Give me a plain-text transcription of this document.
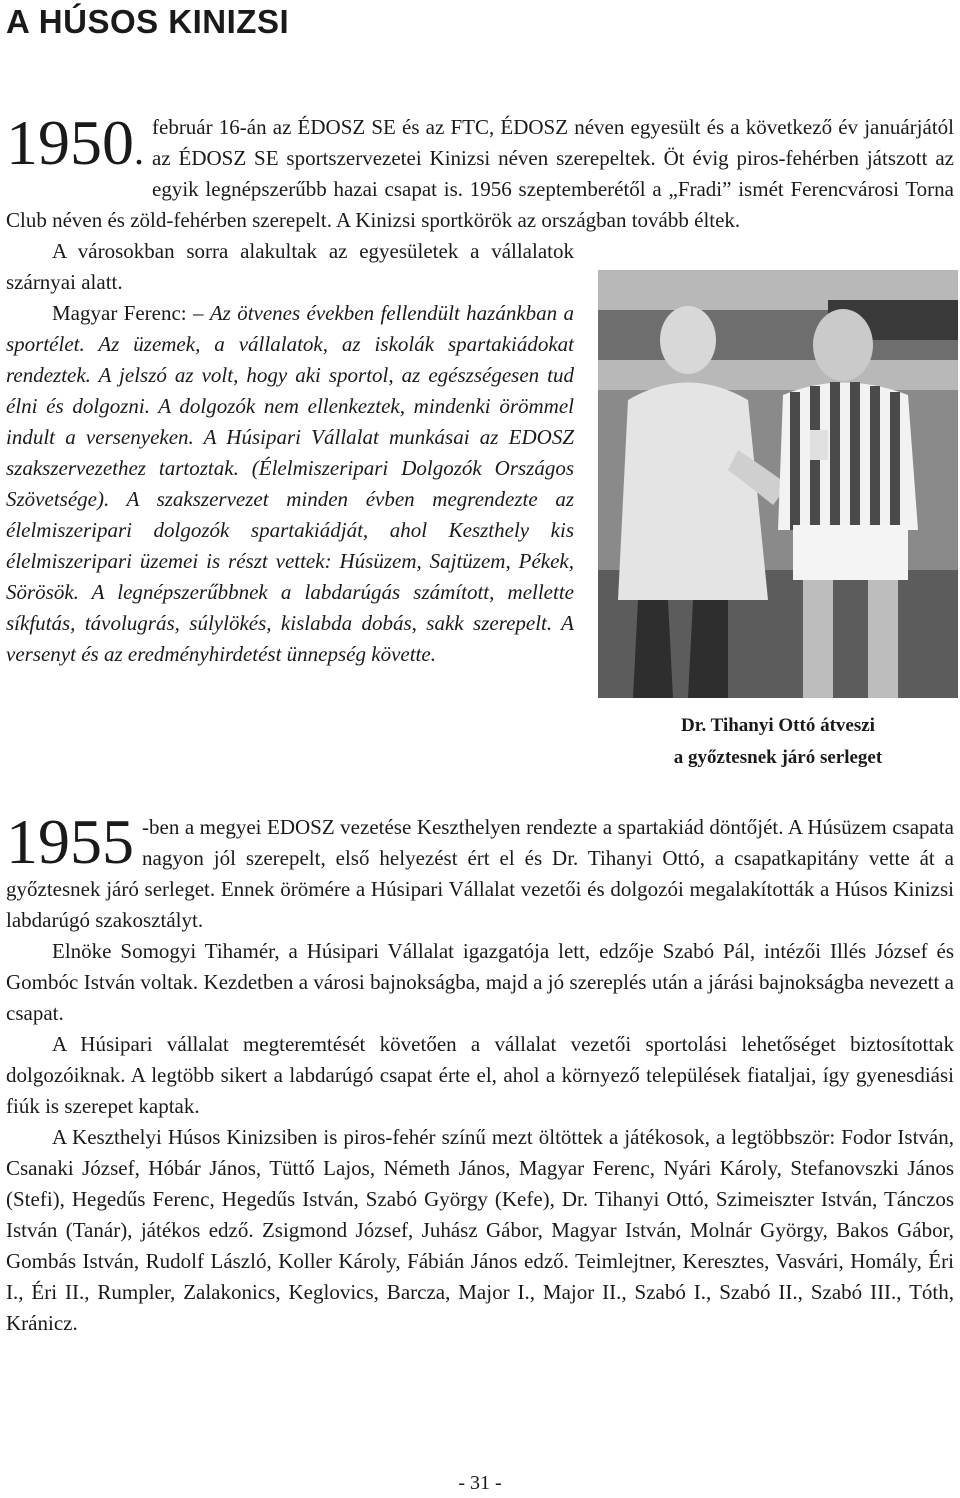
A HÚSOS KINIZSI
1950.

február 16-án az ÉDOSZ SE és az FTC, ÉDOSZ néven egyesült és a következő év januárjától az ÉDOSZ SE sportszervezetei Kinizsi néven szerepeltek. Öt évig piros-fehérben játszott az egyik legnépszerűbb hazai csapat is. 1956 szeptemberétől a „Fradi” ismét Ferencvárosi Torna Club néven és zöld-fehérben szerepelt. A Kinizsi sportkörök az országban tovább éltek.

A városokban sorra alakultak az egyesületek a vállalatok szárnyai alatt.

Magyar Ferenc: – Az ötvenes években fellendült hazánkban a sportélet. Az üzemek, a vállalatok, az iskolák spartakiádokat rendeztek. A jelszó az volt, hogy aki sportol, az egészségesen tud élni és dolgozni. A dolgozók nem ellenkeztek, mindenki örömmel indult a versenyeken. A Húsipari Vállalat munkásai az EDOSZ szakszervezethez tartoztak. (Élelmiszeripari Dolgozók Országos Szövetsége). A szakszervezet minden évben megrendezte az élelmiszeripari dolgozók spartakiádját, ahol Keszthely kis élelmiszeripari üzemei is részt vettek: Húsüzem, Sajtüzem, Pékek, Sörösök. A legnépszerűbbnek a labdarúgás számított, mellette síkfutás, távolugrás, súlylökés, kislabda dobás, sakk szerepelt. A versenyt és az eredményhirdetést ünnepség követte.

Dr. Tihanyi Ottó átveszi
a győztesnek járó serleget
1955 -ben a megyei EDOSZ vezetése Keszthelyen rendezte a spartakiád döntőjét. A Húsüzem csapata nagyon jól szerepelt, első helyezést ért el és Dr. Tihanyi Ottó, a csapatkapitány vette át a győztesnek járó serleget. Ennek örömére a Húsipari Vállalat vezetői és dolgozói megalakították a Húsos Kinizsi labdarúgó szakosztályt.

Elnöke Somogyi Tihamér, a Húsipari Vállalat igazgatója lett, edzője Szabó Pál, intézői Illés József és Gombóc István voltak. Kezdetben a városi bajnokságba, majd a jó szereplés után a járási bajnokságba nevezett a csapat.

A Húsipari vállalat megteremtését követően a vállalat vezetői sportolási lehetőséget biztosítottak dolgozóiknak. A legtöbb sikert a labdarúgó csapat érte el, ahol a környező települések fiataljai, így gyenesdiási fiúk is szerepet kaptak.

A Keszthelyi Húsos Kinizsiben is piros-fehér színű mezt öltöttek a játékosok, a legtöbbször: Fodor István, Csanaki József, Hóbár János, Tüttő Lajos, Németh János, Magyar Ferenc, Nyári Károly, Stefanovszki János (Stefi), Hegedűs Ferenc, Hegedűs István, Szabó György (Kefe), Dr. Tihanyi Ottó, Szimeiszter István, Tánczos István (Tanár), játékos edző. Zsigmond József, Juhász Gábor, Magyar István, Molnár György, Bakos Gábor, Gombás István, Rudolf László, Koller Károly, Fábián János edző. Teimlejtner, Keresztes, Vasvári, Homály, Éri I., Éri II., Rumpler, Zalakonics, Keglovics, Barcza, Major I., Major II., Szabó I., Szabó II., Szabó III., Tóth, Kránicz.

- 31 -
